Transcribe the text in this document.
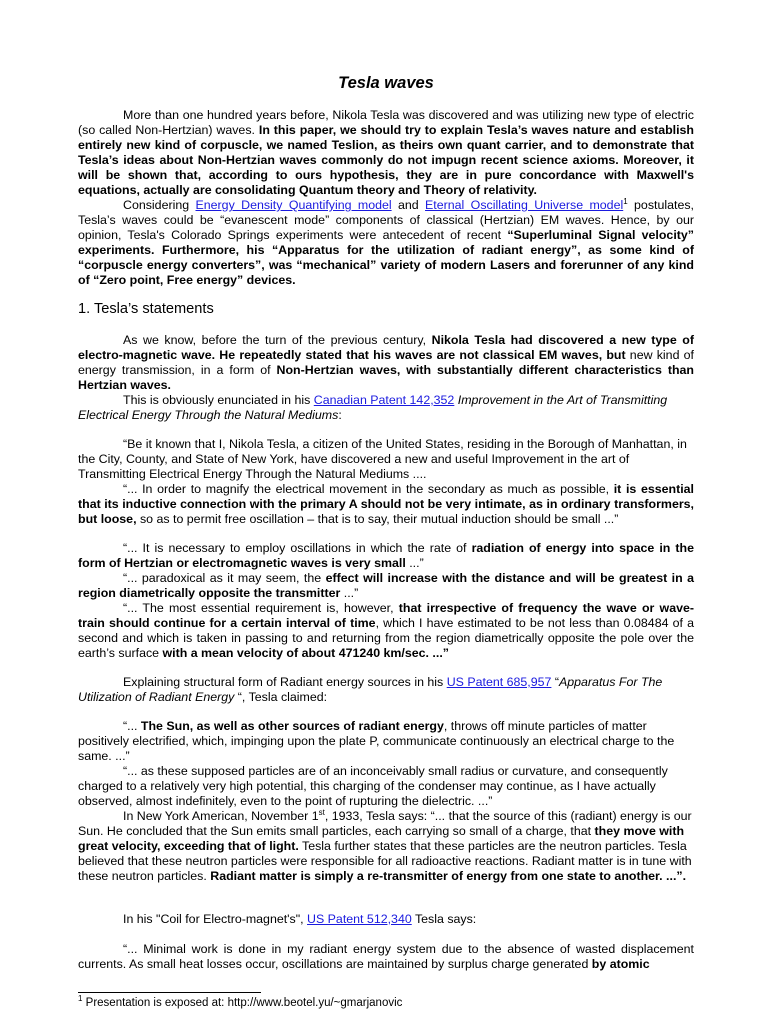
Tesla waves
More than one hundred years before, Nikola Tesla was discovered and was utilizing new type of electric (so called Non-Hertzian) waves. In this paper, we should try to explain Tesla’s waves nature and establish entirely new kind of corpuscle, we named Teslion, as theirs own quant carrier, and to demonstrate that Tesla’s ideas about Non-Hertzian waves commonly do not impugn recent science axioms. Moreover, it will be shown that, according to ours hypothesis, they are in pure concordance with Maxwell's equations, actually are consolidating Quantum theory and Theory of relativity.
Considering Energy Density Quantifying model and Eternal Oscillating Universe model$^1$ postulates, Tesla’s waves could be “evanescent mode” components of classical (Hertzian) EM waves. Hence, by our opinion, Tesla's Colorado Springs experiments were antecedent of recent “Superluminal Signal velocity” experiments. Furthermore, his “Apparatus for the utilization of radiant energy”, as some kind of “corpuscle energy converters”, was “mechanical” variety of modern Lasers and forerunner of any kind of “Zero point, Free energy” devices.
1. Tesla’s statements
As we know, before the turn of the previous century, Nikola Tesla had discovered a new type of electro-magnetic wave. He repeatedly stated that his waves are not classical EM waves, but new kind of energy transmission, in a form of Non-Hertzian waves, with substantially different characteristics than Hertzian waves.
This is obviously enunciated in his Canadian Patent 142,352 Improvement in the Art of Transmitting Electrical Energy Through the Natural Mediums:
“Be it known that I, Nikola Tesla, a citizen of the United States, residing in the Borough of Manhattan, in the City, County, and State of New York, have discovered a new and useful Improvement in the art of Transmitting Electrical Energy Through the Natural Mediums ....
“... In order to magnify the electrical movement in the secondary as much as possible, it is essential that its inductive connection with the primary A should not be very intimate, as in ordinary transformers, but loose, so as to permit free oscillation – that is to say, their mutual induction should be small ...”
“... It is necessary to employ oscillations in which the rate of radiation of energy into space in the form of Hertzian or electromagnetic waves is very small ...”
“... paradoxical as it may seem, the effect will increase with the distance and will be greatest in a region diametrically opposite the transmitter ...”
“... The most essential requirement is, however, that irrespective of frequency the wave or wave-train should continue for a certain interval of time, which I have estimated to be not less than 0.08484 of a second and which is taken in passing to and returning from the region diametrically opposite the pole over the earth’s surface with a mean velocity of about 471240 km/sec. ...”
Explaining structural form of Radiant energy sources in his US Patent 685,957 “Apparatus For The Utilization of Radiant Energy “, Tesla claimed:
“... The Sun, as well as other sources of radiant energy, throws off minute particles of matter positively electrified, which, impinging upon the plate P, communicate continuously an electrical charge to the same. ...”
“... as these supposed particles are of an inconceivably small radius or curvature, and consequently charged to a relatively very high potential, this charging of the condenser may continue, as I have actually observed, almost indefinitely, even to the point of rupturing the dielectric. ...”
In New York American, November 1st, 1933, Tesla says: “... that the source of this (radiant) energy is our Sun. He concluded that the Sun emits small particles, each carrying so small of a charge, that they move with great velocity, exceeding that of light. Tesla further states that these particles are the neutron particles. Tesla believed that these neutron particles were responsible for all radioactive reactions. Radiant matter is in tune with these neutron particles. Radiant matter is simply a re-transmitter of energy from one state to another. ...”.
In his "Coil for Electro-magnet's", US Patent 512,340 Tesla says:
“... Minimal work is done in my radiant energy system due to the absence of wasted displacement currents. As small heat losses occur, oscillations are maintained by surplus charge generated by atomic
$^1$ Presentation is exposed at: http://www.beotel.yu/~gmarjanovic
